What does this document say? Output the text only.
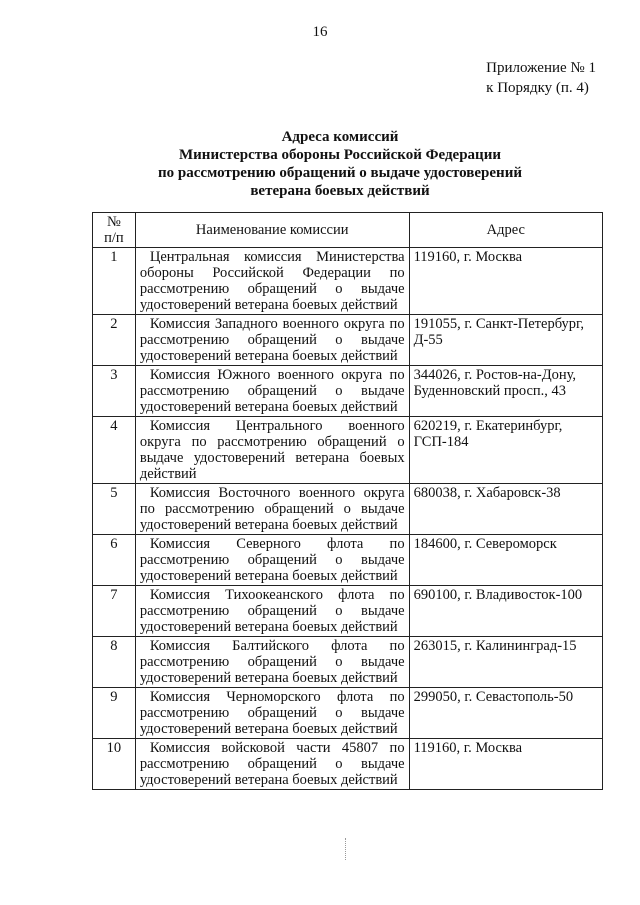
16
Приложение № 1
к Порядку (п. 4)
Адреса комиссий
Министерства обороны Российской Федерации
по рассмотрению обращений о выдаче удостоверений
ветерана боевых действий
№
п/п	Наименование комиссии	Адрес
1	Центральная комиссия Министерства обороны Российской Федерации по рассмотрению обращений о выдаче удостоверений ветерана боевых действий	119160, г. Москва
2	Комиссия Западного военного округа по рассмотрению обращений о выдаче удостоверений ветерана боевых действий	191055, г. Санкт-Петербург, Д-55
3	Комиссия Южного военного округа по рассмотрению обращений о выдаче удостоверений ветерана боевых действий	344026, г. Ростов-на-Дону, Буденновский просп., 43
4	Комиссия Центрального военного округа по рассмотрению обращений о выдаче удостоверений ветерана боевых действий	620219, г. Екатеринбург, ГСП-184
5	Комиссия Восточного военного округа по рассмотрению обращений о выдаче удостоверений ветерана боевых действий	680038, г. Хабаровск-38
6	Комиссия Северного флота по рассмотрению обращений о выдаче удостоверений ветерана боевых действий	184600, г. Североморск
7	Комиссия Тихоокеанского флота по рассмотрению обращений о выдаче удостоверений ветерана боевых действий	690100, г. Владивосток-100
8	Комиссия Балтийского флота по рассмотрению обращений о выдаче удостоверений ветерана боевых действий	263015, г. Калининград-15
9	Комиссия Черноморского флота по рассмотрению обращений о выдаче удостоверений ветерана боевых действий	299050, г. Севастополь-50
10	Комиссия войсковой части 45807 по рассмотрению обращений о выдаче удостоверений ветерана боевых действий	119160, г. Москва
